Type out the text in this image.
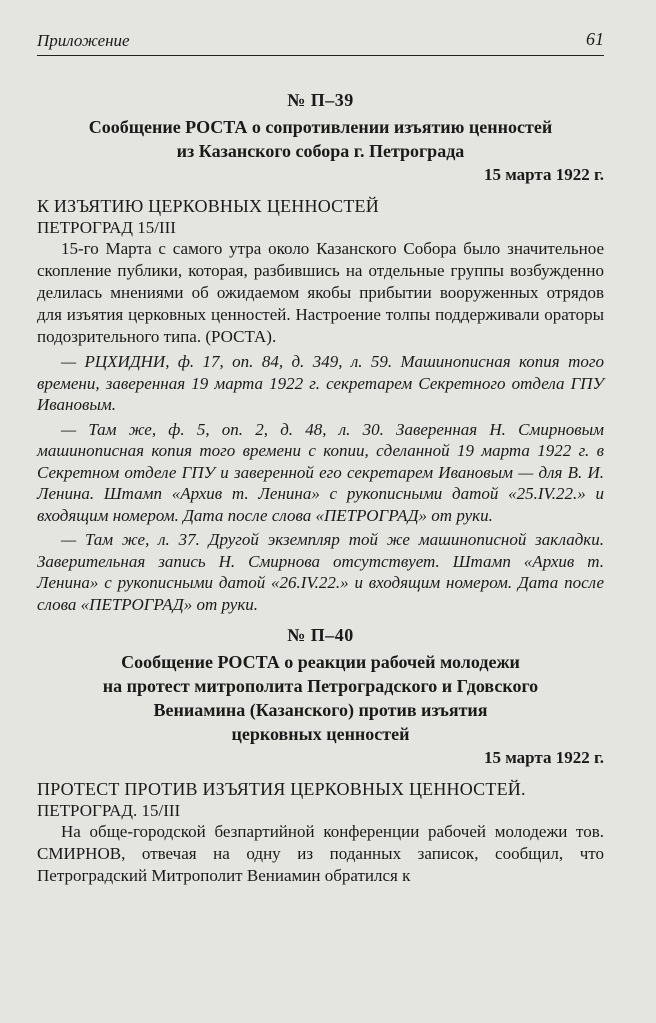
Приложение	61

№ П–39

Сообщение РОСТА о сопротивлении изъятию ценностей

из Казанского собора г. Петрограда

15 марта 1922 г.

К ИЗЪЯТИЮ ЦЕРКОВНЫХ ЦЕННОСТЕЙ

ПЕТРОГРАД 15/III

15-го Марта с самого утра около Казанского Собора было значительное скопление публики, которая, разбившись на отдельные группы возбужденно делилась мнениями об ожидаемом якобы прибытии вооруженных отрядов для изъятия церковных ценностей. Настроение толпы поддерживали ораторы подозрительного типа. (РОСТА).

— РЦХИДНИ, ф. 17, оп. 84, д. 349, л. 59. Машинописная копия того времени, заверенная 19 марта 1922 г. секретарем Секретного отдела ГПУ Ивановым.

— Там же, ф. 5, оп. 2, д. 48, л. 30. Заверенная Н. Смирновым машинописная копия того времени с копии, сделанной 19 марта 1922 г. в Секретном отделе ГПУ и заверенной его секретарем Ивановым — для В. И. Ленина. Штамп «Архив т. Ленина» с рукописными датой «25.IV.22.» и входящим номером. Дата после слова «ПЕТРОГРАД» от руки.

— Там же, л. 37. Другой экземпляр той же машинописной закладки. Заверительная запись Н. Смирнова отсутствует. Штамп «Архив т. Ленина» с рукописными датой «26.IV.22.» и входящим номером. Дата после слова «ПЕТРОГРАД» от руки.

№ П–40

Сообщение РОСТА о реакции рабочей молодежи

на протест митрополита Петроградского и Гдовского

Вениамина (Казанского) против изъятия

церковных ценностей

15 марта 1922 г.

ПРОТЕСТ ПРОТИВ ИЗЪЯТИЯ ЦЕРКОВНЫХ ЦЕННОСТЕЙ.

ПЕТРОГРАД. 15/III

На обще-городской безпартийной конференции рабочей молодежи тов. СМИРНОВ, отвечая на одну из поданных записок, сообщил, что Петроградский Митрополит Вениамин обратился к
